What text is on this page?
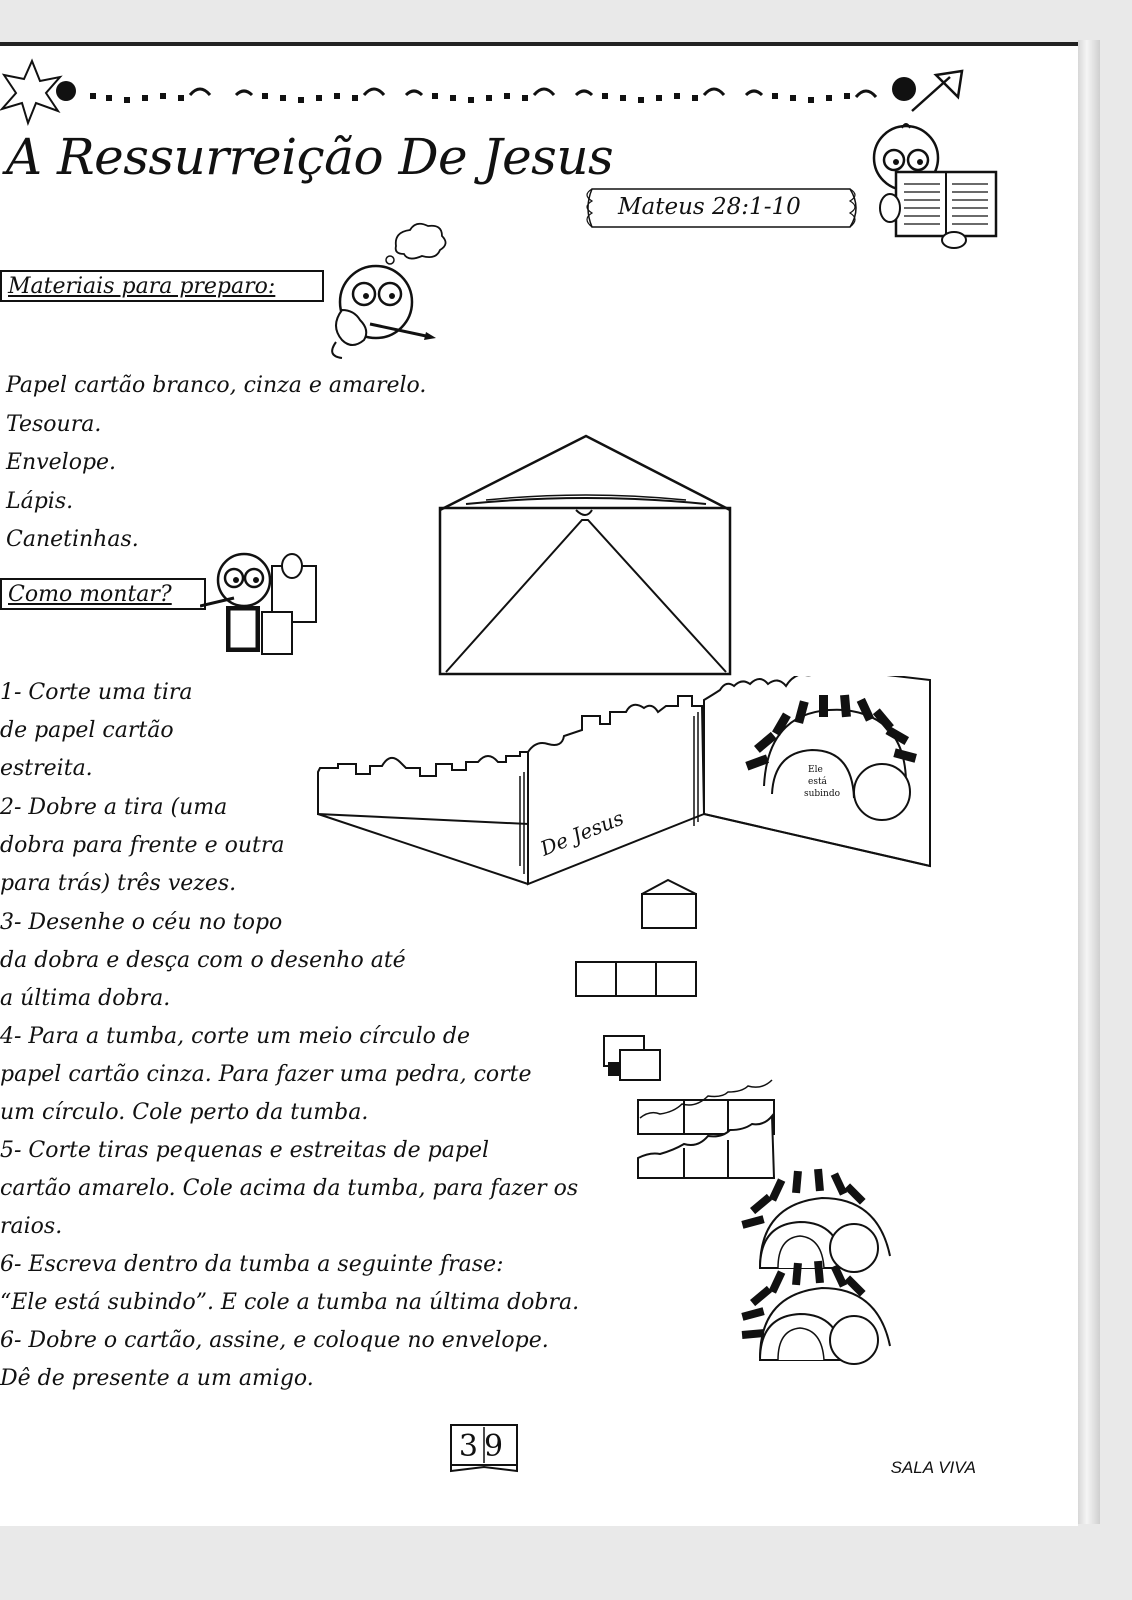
A Ressurreição De Jesus
Mateus 28:1-10
Materiais para preparo:
Papel cartão branco, cinza e amarelo.
Tesoura.
Envelope.
Lápis.
Canetinhas.
Como montar?
1- Corte uma tira
de papel cartão
estreita.
2- Dobre a tira (uma
dobra para frente e outra
para trás) três vezes.
3- Desenhe o céu no topo
da dobra e desça com o desenho até
a última dobra.
4- Para a tumba, corte um meio círculo de
papel cartão cinza. Para fazer uma pedra, corte
um círculo. Cole perto da tumba.
5- Corte tiras pequenas e estreitas de papel
cartão amarelo. Cole acima da tumba, para fazer os
raios.
6- Escreva dentro da tumba a seguinte frase:
“Ele está subindo”. E cole a tumba na última dobra.
6- Dobre o cartão, assine, e coloque no envelope.
Dê de presente a um amigo.
De Jesus
Ele
está
subindo
39
SALA VIVA
